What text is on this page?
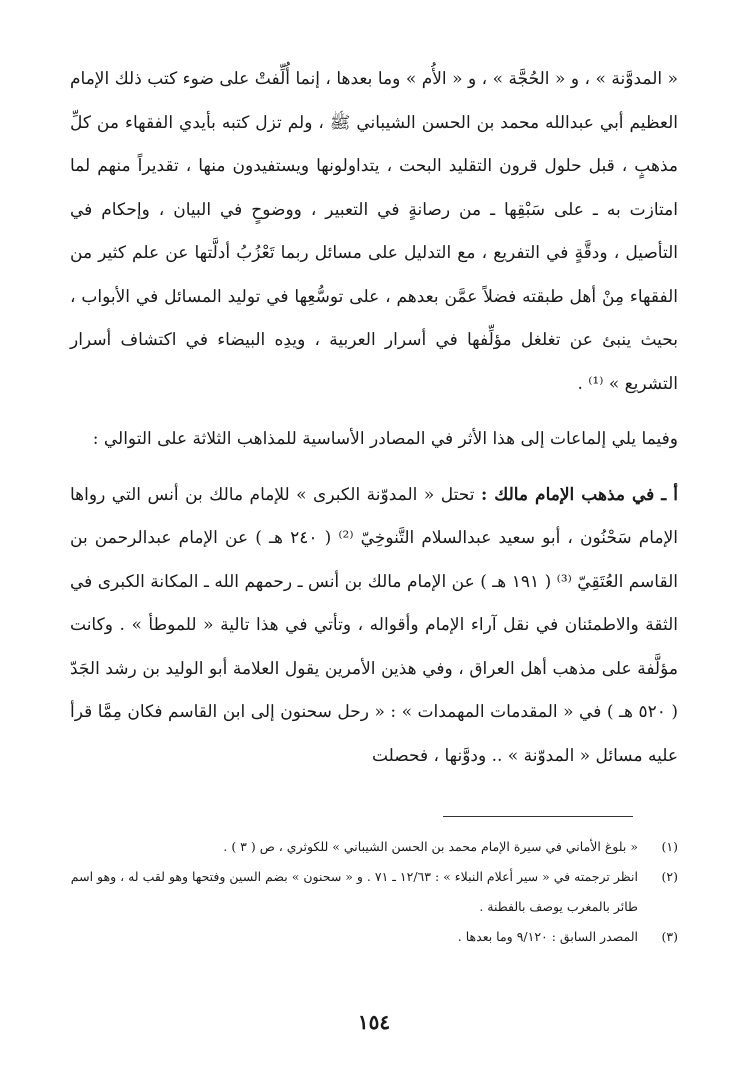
« المدوَّنة » ، و « الحُجَّة » ، و « الأُم » وما بعدها ، إنما أُلِّفتْ على ضوء كتب ذلك الإمام العظيم أبي عبدالله محمد بن الحسن الشيباني ﷺ ، ولم تزل كتبه بأيدي الفقهاء من كلِّ مذهبٍ ، قبل حلول قرون التقليد البحت ، يتداولونها ويستفيدون منها ، تقديراً منهم لما امتازت به ـ على سَبْقِها ـ من رصانةٍ في التعبير ، ووضوحٍ في البيان ، وإحكام في التأصيل ، ودقَّةٍ في التفريع ، مع التدليل على مسائل ربما تَعْزُبُ أدلَّتها عن علم كثير من الفقهاء مِنْ أهل طبقته فضلاً عمَّن بعدهم ، على توسُّعِها في توليد المسائل في الأبواب ، بحيث ينبئ عن تغلغل مؤلِّفها في أسرار العربية ، ويدِه البيضاء في اكتشاف أسرار التشريع » ⁽¹⁾ .

وفيما يلي إلماعات إلى هذا الأثر في المصادر الأساسية للمذاهب الثلاثة على التوالي :

أ ـ في مذهب الإمام مالك : تحتل « المدوّنة الكبرى » للإمام مالك بن أنس التي رواها الإمام سَحْنُون ، أبو سعيد عبدالسلام التَّنوخِيّ ⁽²⁾ ( ٢٤٠ هـ ) عن الإمام عبدالرحمن بن القاسم العُتَقِيّ ⁽³⁾ ( ١٩١ هـ ) عن الإمام مالك بن أنس ـ رحمهم الله ـ المكانة الكبرى في الثقة والاطمئنان في نقل آراء الإمام وأقواله ، وتأتي في هذا تالية « للموطأ » . وكانت مؤلَّفة على مذهب أهل العراق ، وفي هذين الأمرين يقول العلامة أبو الوليد بن رشد الجَدّ ( ٥٢٠ هـ ) في « المقدمات المهمدات » : « رحل سحنون إلى ابن القاسم فكان مِمَّا قرأ عليه مسائل « المدوّنة » .. ودوَّنها ، فحصلت

(١)
« بلوغ الأماني في سيرة الإمام محمد بن الحسن الشيباني » للكوثري ، ص ( ٣ ) .
(٢)
انظر ترجمته في « سير أعلام النبلاء » : ١٢/٦٣ ـ ٧١ . و « سحنون » بضم السين وفتحها وهو لقب له ، وهو اسم طائر بالمغرب يوصف بالفطنة .
(٣)
المصدر السابق : ٩/١٢٠ وما بعدها .
١٥٤
